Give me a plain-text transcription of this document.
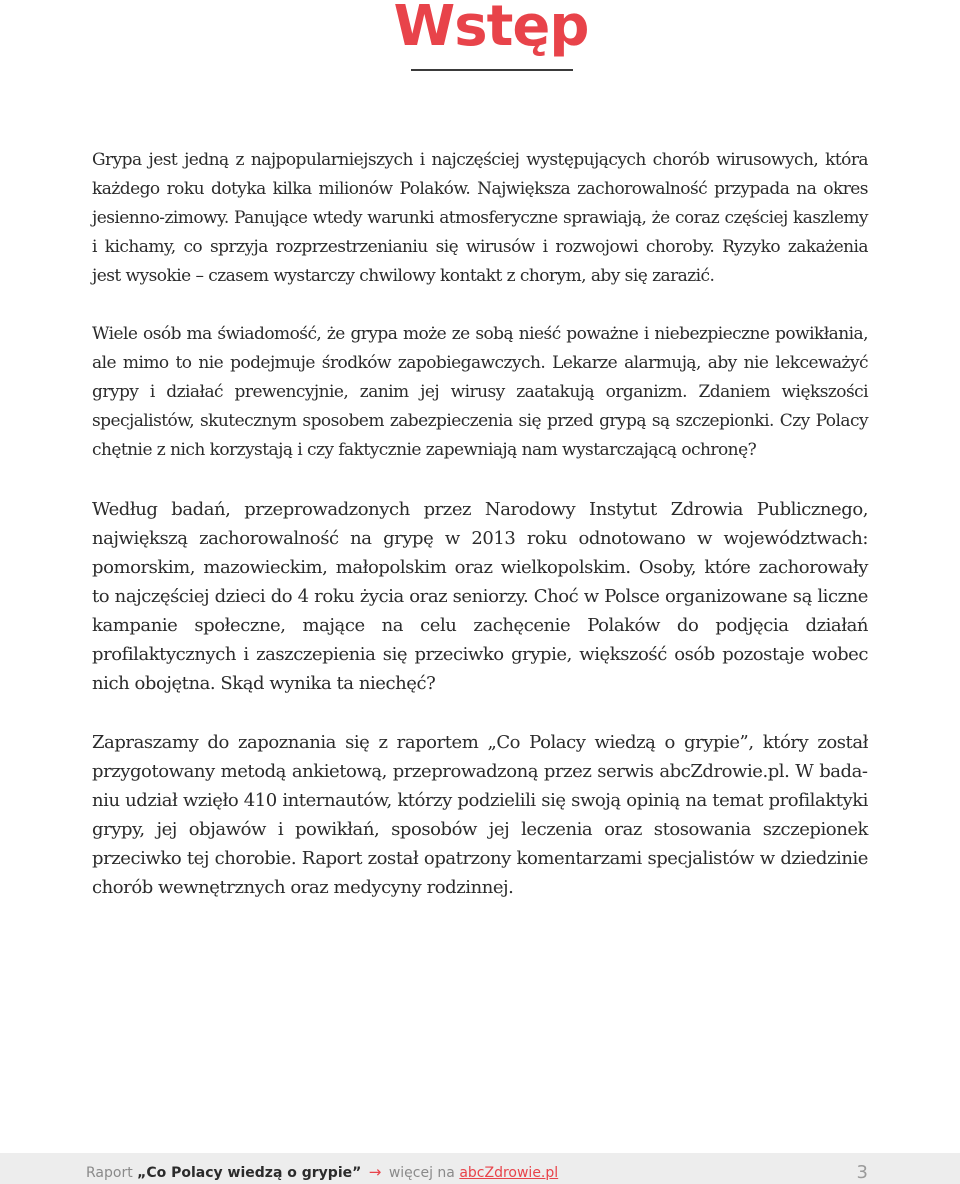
Wstęp

Grypa jest jedną z najpopularniejszych i najczęściej występujących chorób wirusowych, która każdego roku dotyka kilka milionów Polaków. Największa zachorowalność przypada na okres jesienno-zimowy. Panujące wtedy warunki atmosferyczne sprawiają, że coraz częściej kaszlemy i kichamy, co sprzyja rozprzestrzenianiu się wirusów i rozwojowi choroby. Ryzyko zakażenia jest wysokie – czasem wystarczy chwilowy kontakt z chorym, aby się zarazić.

Wiele osób ma świadomość, że grypa może ze sobą nieść poważne i niebezpieczne powikłania, ale mimo to nie podejmuje środków zapobiegawczych. Lekarze alarmują, aby nie lekceważyć grypy i działać prewencyjnie, zanim jej wirusy zaatakują organizm. Zdaniem większości specjalistów, skutecznym sposobem zabezpieczenia się przed grypą są szczepionki. Czy Polacy chętnie z nich korzystają i czy faktycznie zapewniają nam wystarczającą ochronę?

Według badań, przeprowadzonych przez Narodowy Instytut Zdrowia Publicznego, największą zachorowalność na grypę w 2013 roku odnotowano w województwach: pomorskim, mazowieckim, małopolskim oraz wielkopolskim. Osoby, które zachorowały to najczęściej dzieci do 4 roku życia oraz seniorzy. Choć w Polsce organizowane są liczne kampanie społeczne, mające na celu zachęcenie Polaków do podjęcia działań profilaktycznych i zaszczepienia się przeciwko grypie, większość osób pozostaje wobec nich obojętna. Skąd wynika ta niechęć?

Zapraszamy do zapoznania się z raportem „Co Polacy wiedzą o grypie”, który został przygotowany metodą ankietową, przeprowadzoną przez serwis abcZdrowie.pl. W badaniu udział wzięło 410 internautów, którzy podzielili się swoją opinią na temat profilaktyki grypy, jej objawów i powikłań, sposobów jej leczenia oraz stosowania szczepionek przeciwko tej chorobie. Raport został opatrzony komentarzami specjalistów w dziedzinie chorób wewnętrznych oraz medycyny rodzinnej.

Raport „Co Polacy wiedzą o grypie” → więcej na abcZdrowie.pl	3
